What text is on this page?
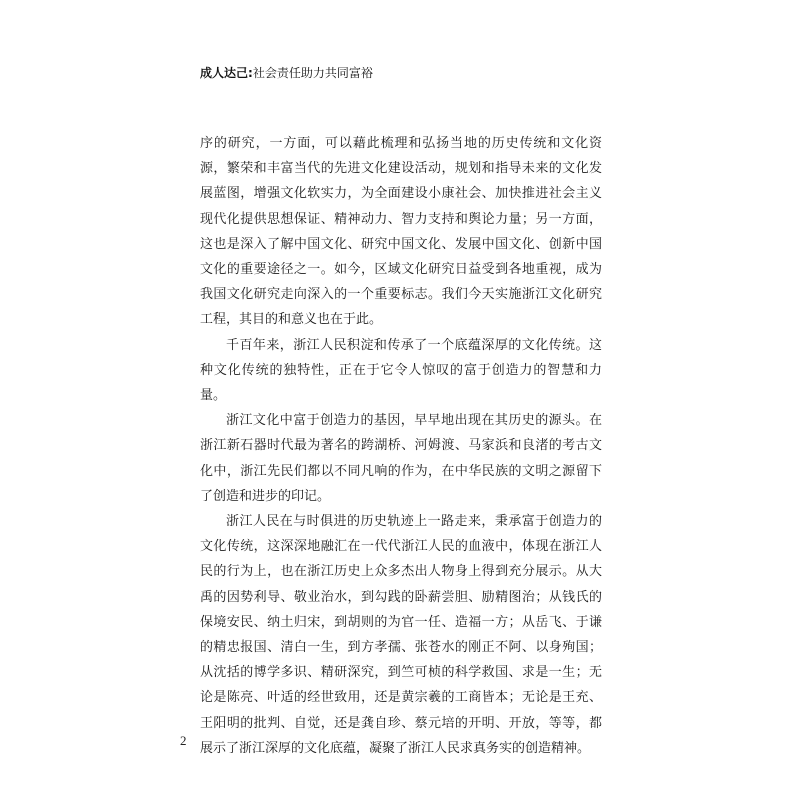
成人达己:社会责任助力共同富裕

序的研究，一方面，可以藉此梳理和弘扬当地的历史传统和文化资源，繁荣和丰富当代的先进文化建设活动，规划和指导未来的文化发展蓝图，增强文化软实力，为全面建设小康社会、加快推进社会主义现代化提供思想保证、精神动力、智力支持和舆论力量；另一方面，这也是深入了解中国文化、研究中国文化、发展中国文化、创新中国文化的重要途径之一。如今，区域文化研究日益受到各地重视，成为我国文化研究走向深入的一个重要标志。我们今天实施浙江文化研究工程，其目的和意义也在于此。

千百年来，浙江人民积淀和传承了一个底蕴深厚的文化传统。这种文化传统的独特性，正在于它令人惊叹的富于创造力的智慧和力量。

浙江文化中富于创造力的基因，早早地出现在其历史的源头。在浙江新石器时代最为著名的跨湖桥、河姆渡、马家浜和良渚的考古文化中，浙江先民们都以不同凡响的作为，在中华民族的文明之源留下了创造和进步的印记。

浙江人民在与时俱进的历史轨迹上一路走来，秉承富于创造力的文化传统，这深深地融汇在一代代浙江人民的血液中，体现在浙江人民的行为上，也在浙江历史上众多杰出人物身上得到充分展示。从大禹的因势利导、敬业治水，到勾践的卧薪尝胆、励精图治；从钱氏的保境安民、纳土归宋，到胡则的为官一任、造福一方；从岳飞、于谦的精忠报国、清白一生，到方孝孺、张苍水的刚正不阿、以身殉国；从沈括的博学多识、精研深究，到竺可桢的科学救国、求是一生；无论是陈亮、叶适的经世致用，还是黄宗羲的工商皆本；无论是王充、王阳明的批判、自觉，还是龚自珍、蔡元培的开明、开放，等等，都展示了浙江深厚的文化底蕴，凝聚了浙江人民求真务实的创造精神。

2
